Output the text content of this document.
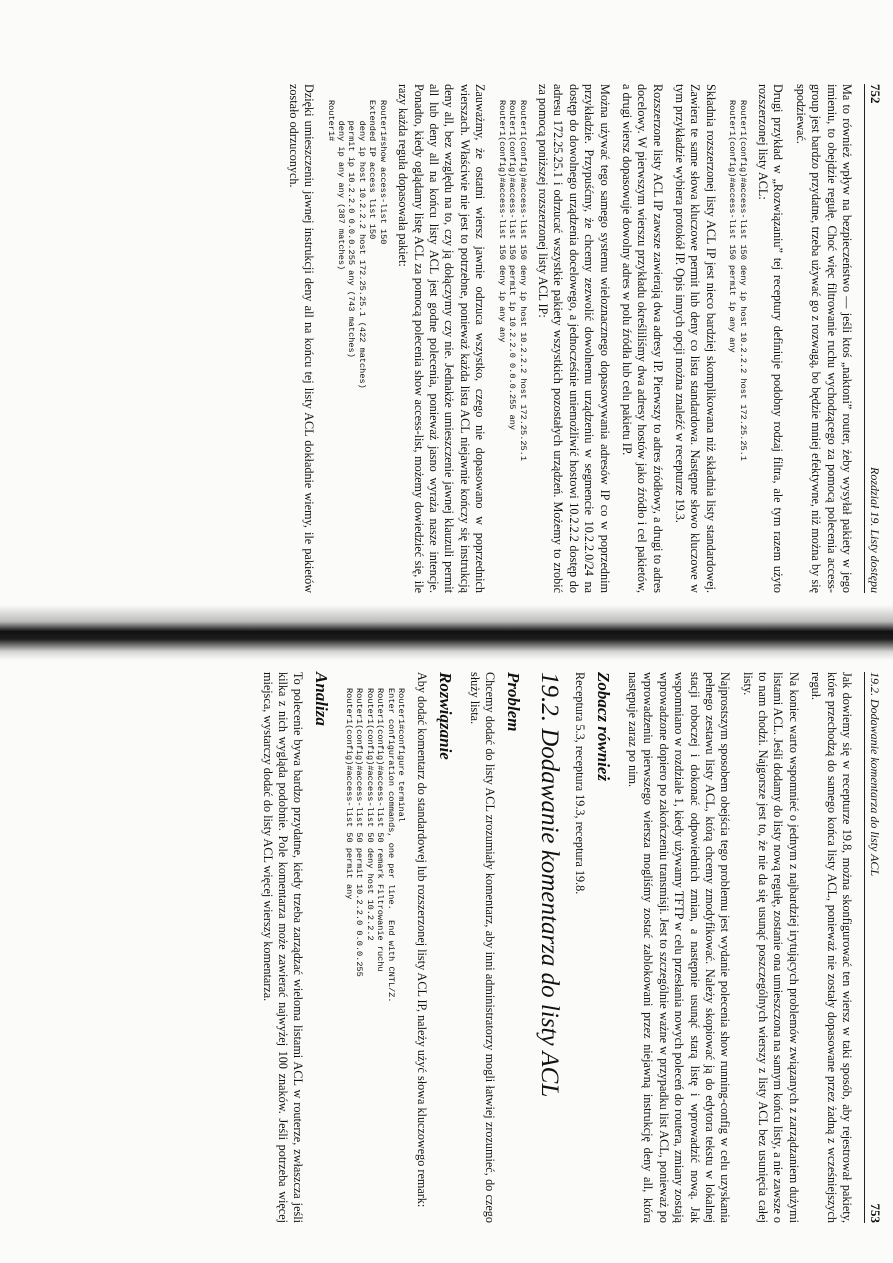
752
Rozdział 19. Listy dostępu

Ma to również wpływ na bezpieczeństwo — jeśli ktoś „naktoni” router, żeby wysyłał pakiety w jego imieniu, to obejdzie regułę. Choć więc filtrowanie ruchu wychodzącego za pomocą polecenia access-group jest bardzo przydatne, trzeba używać go z rozwagą, bo będzie mniej efektywne, niż można by się spodziewać.

Drugi przykład w „Rozwiązaniu” tej receptury definiuje podobny rodzaj filtra, ale tym razem użyto rozszerzonej listy ACL:

Router1(config)#access-list 150 deny ip host 10.2.2.2 host 172.25.25.1
Router1(config)#access-list 150 permit ip any any

Składnia rozszerzonej listy ACL IP jest nieco bardziej skomplikowana niż składnia listy standardowej. Zawiera te same słowa kluczowe permit lub deny co lista standardowa. Następne słowo kluczowe w tym przykładzie wybiera protokół IP. Opis innych opcji można znaleźć w recepturze 19.3.

Rozszerzone listy ACL IP zawsze zawierają dwa adresy IP. Pierwszy to adres źródłowy, a drugi to adres docelowy. W pierwszym wierszu przykładu określiliśmy dwa adresy hostów jako źródło i cel pakietów, a drugi wiersz dopasowuje dowolny adres w polu źródła lub celu pakietu IP.

Można używać tego samego systemu wieloznacznego dopasowywania adresów IP co w poprzednim przykładzie. Przypuśćmy, że chcemy zezwolić dowolnemu urządzeniu w segmencie 10.2.2.0/24 na dostęp do dowolnego urządzenia docelowego, a jednocześnie uniemożliwić hostowi 10.2.2.2 dostęp do adresu 172.25.25.1 i odrzucać wszystkie pakiety wszystkich pozostałych urządzeń. Możemy to zrobić za pomocą poniższej rozszerzonej listy ACL IP:

Router1(config)#access-list 150 deny ip host 10.2.2.2 host 172.25.25.1
Router1(config)#access-list 150 permit ip 10.2.2.0 0.0.0.255 any
Router1(config)#access-list 150 deny ip any any

Zauważmy, że ostatni wiersz jawnie odrzuca wszystko, czego nie dopasowano w poprzednich wierszach. Właściwie nie jest to potrzebne, ponieważ każda lista ACL niejawnie kończy się instrukcją deny all, bez względu na to, czy ją dołączymy czy nie. Jednakże umieszczenie jawnej klauzuli permit all lub deny all na końcu listy ACL jest godne polecenia, ponieważ jasno wyraża nasze intencje. Ponadto, kiedy oglądamy listę ACL za pomocą polecenia show access-list, możemy dowiedzieć się, ile razy każda reguła dopasowała pakiet:

Router1#show access-list 150
Extended IP access list 150
deny ip host 10.2.2.2 host 172.25.25.1 (422 matches)
permit ip 10.2.2.0 0.0.0.255 any (743 matches)
deny ip any any (387 matches)
Router1#

Dzięki umieszczeniu jawnej instrukcji deny all na końcu tej listy ACL dokładnie wiemy, ile pakietów zostało odrzuconych.

19.2. Dodawanie komentarza do listy ACL
753

Jak dowiemy się w recepturze 19.8, można skonfigurować ten wiersz w taki sposób, aby rejestrował pakiety, które przechodzą do samego końca listy ACL, ponieważ nie zostały dopasowane przez żadną z wcześniejszych reguł.

Na koniec warto wspomnieć o jednym z najbardziej irytujących problemów związanych z zarządzaniem dużymi listami ACL. Jeśli dodamy do listy nową regułę, zostanie ona umieszczona na samym końcu listy, a nie zawsze o to nam chodzi. Najgorsze jest to, że nie da się usunąć poszczególnych wierszy z listy ACL bez usunięcia całej listy.

Najprostszym sposobem obejścia tego problemu jest wydanie polecenia show running-config w celu uzyskania pełnego zestawu listy ACL, którą chcemy zmodyfikować. Należy skopiować ją do edytora tekstu w lokalnej stacji roboczej i dokonać odpowiednich zmian, a następnie usunąć starą listę i wprowadzić nową. Jak wspomniano w rozdziale 1, kiedy używamy TFTP w celu przesłania nowych poleceń do routera, zmiany zostają wprowadzone dopiero po zakończeniu transmisji. Jest to szczególnie ważne w przypadku list ACL, ponieważ po wprowadzeniu pierwszego wiersza mogliśmy zostać zablokowani przez niejawną instrukcję deny all, która następuje zaraz po nim.

Zobacz również

Receptura 5.3, receptura 19.3, receptura 19.8.

19.2. Dodawanie komentarza do listy ACL
Problem

Chcemy dodać do listy ACL zrozumiały komentarz, aby inni administratorzy mogli łatwiej zrozumieć, do czego służy lista.

Rozwiązanie

Aby dodać komentarz do standardowej lub rozszerzonej listy ACL IP, należy użyć słowa kluczowego remark:

Router1#configure terminal
Enter configuration commands, one per line.  End with CNTL/Z.
Router1(config)#access-list 50 remark Filtrowanie ruchu
Router1(config)#access-list 50 deny host 10.2.2.2
Router1(config)#access-list 50 permit 10.2.2.0 0.0.0.255
Router1(config)#access-list 50 permit any
Analiza

To polecenie bywa bardzo przydatne, kiedy trzeba zarządzać wieloma listami ACL w routerze, zwłaszcza jeśli kilka z nich wygląda podobnie. Pole komentarza może zawierać najwyżej 100 znaków. Jeśli potrzeba więcej miejsca, wystarczy dodać do listy ACL więcej wierszy komentarza.
